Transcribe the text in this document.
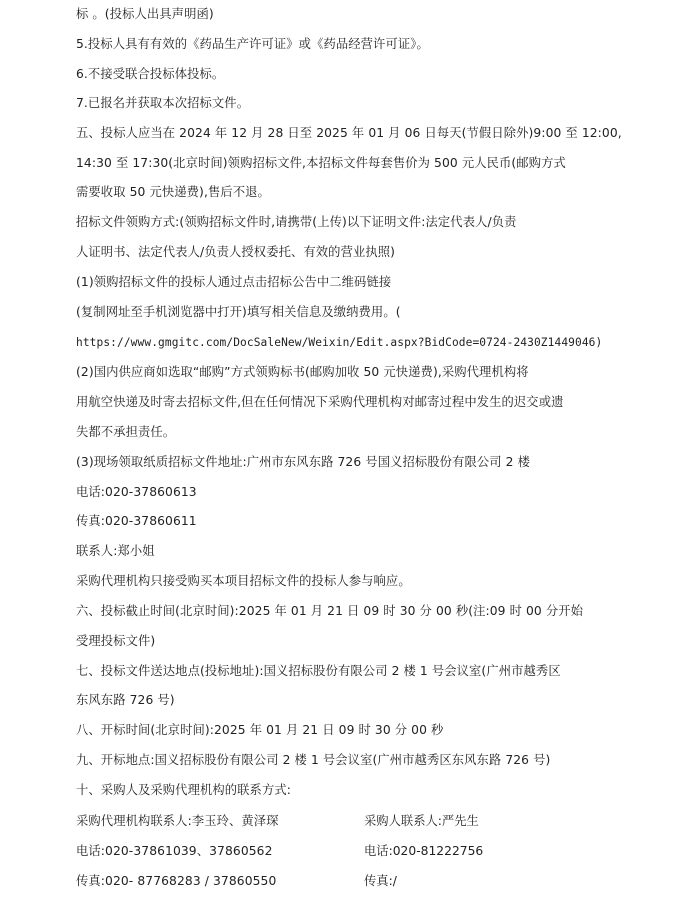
标 。(投标人出具声明函)
5.投标人具有有效的《药品生产许可证》或《药品经营许可证》。
6.不接受联合投标体投标。
7.已报名并获取本次招标文件。
五、投标人应当在 2024 年 12 月 28 日至 2025 年 01 月 06 日每天(节假日除外)9:00 至 12:00,
14:30 至 17:30(北京时间)领购招标文件,本招标文件每套售价为 500 元人民币(邮购方式
需要收取 50 元快递费),售后不退。
招标文件领购方式:(领购招标文件时,请携带(上传)以下证明文件:法定代表人/负责
人证明书、法定代表人/负责人授权委托、有效的营业执照)
(1)领购招标文件的投标人通过点击招标公告中二维码链接
(复制网址至手机浏览器中打开)填写相关信息及缴纳费用。(
https://www.gmgitc.com/DocSaleNew/Weixin/Edit.aspx?BidCode=0724-2430Z1449046)
(2)国内供应商如选取“邮购”方式领购标书(邮购加收 50 元快递费),采购代理机构将
用航空快递及时寄去招标文件,但在任何情况下采购代理机构对邮寄过程中发生的迟交或遗
失都不承担责任。
(3)现场领取纸质招标文件地址:广州市东风东路 726 号国义招标股份有限公司 2 楼
电话:020-37860613
传真:020-37860611
联系人:郑小姐
采购代理机构只接受购买本项目招标文件的投标人参与响应。
六、投标截止时间(北京时间):2025 年 01 月 21 日 09 时 30 分 00 秒(注:09 时 00 分开始
受理投标文件)
七、投标文件送达地点(投标地址):国义招标股份有限公司 2 楼 1 号会议室(广州市越秀区
东风东路 726 号)
八、开标时间(北京时间):2025 年 01 月 21 日 09 时 30 分 00 秒
九、开标地点:国义招标股份有限公司 2 楼 1 号会议室(广州市越秀区东风东路 726 号)
十、采购人及采购代理机构的联系方式:
采购代理机构联系人:李玉玲、黄泽琛	采购人联系人:严先生
电话:020-37861039、37860562	电话:020-81222756
传真:020- 87768283 / 37860550	传真:/
